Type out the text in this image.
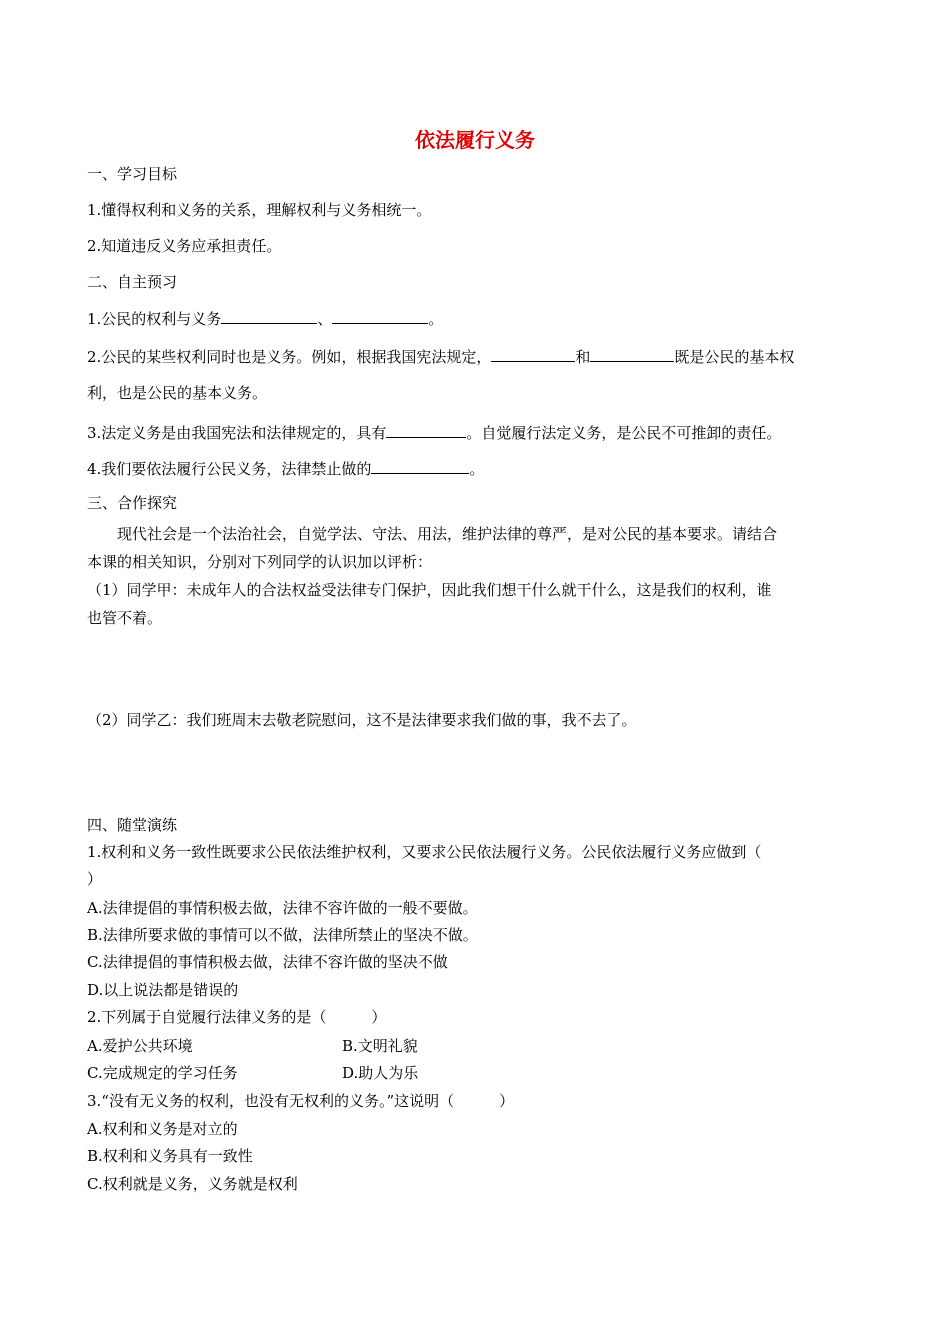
依法履行义务
一、学习目标
1.懂得权利和义务的关系，理解权利与义务相统一。
2.知道违反义务应承担责任。
二、自主预习
1.公民的权利与义务	、	。
2.公民的某些权利同时也是义务。例如，根据我国宪法规定，	和	既是公民的基本权
利，也是公民的基本义务。
3.法定义务是由我国宪法和法律规定的，具有	。自觉履行法定义务，是公民不可推卸的责任。
4.我们要依法履行公民义务，法律禁止做的	。
三、合作探究
现代社会是一个法治社会，自觉学法、守法、用法，维护法律的尊严，是对公民的基本要求。请结合
本课的相关知识，分别对下列同学的认识加以评析：
（1）同学甲：未成年人的合法权益受法律专门保护，因此我们想干什么就干什么，这是我们的权利，谁
也管不着。
（2）同学乙：我们班周末去敬老院慰问，这不是法律要求我们做的事，我不去了。
四、随堂演练
1.权利和义务一致性既要求公民依法维护权利，又要求公民依法履行义务。公民依法履行义务应做到（
）
A.法律提倡的事情积极去做，法律不容许做的一般不要做。
B.法律所要求做的事情可以不做，法律所禁止的坚决不做。
C.法律提倡的事情积极去做，法律不容许做的坚决不做
D.以上说法都是错误的
2.下列属于自觉履行法律义务的是（　　　）
A.爱护公共环境	B.文明礼貌
C.完成规定的学习任务	D.助人为乐
3.“没有无义务的权利，也没有无权利的义务。”这说明（　　　）
A.权利和义务是对立的
B.权利和义务具有一致性
C.权利就是义务，义务就是权利
